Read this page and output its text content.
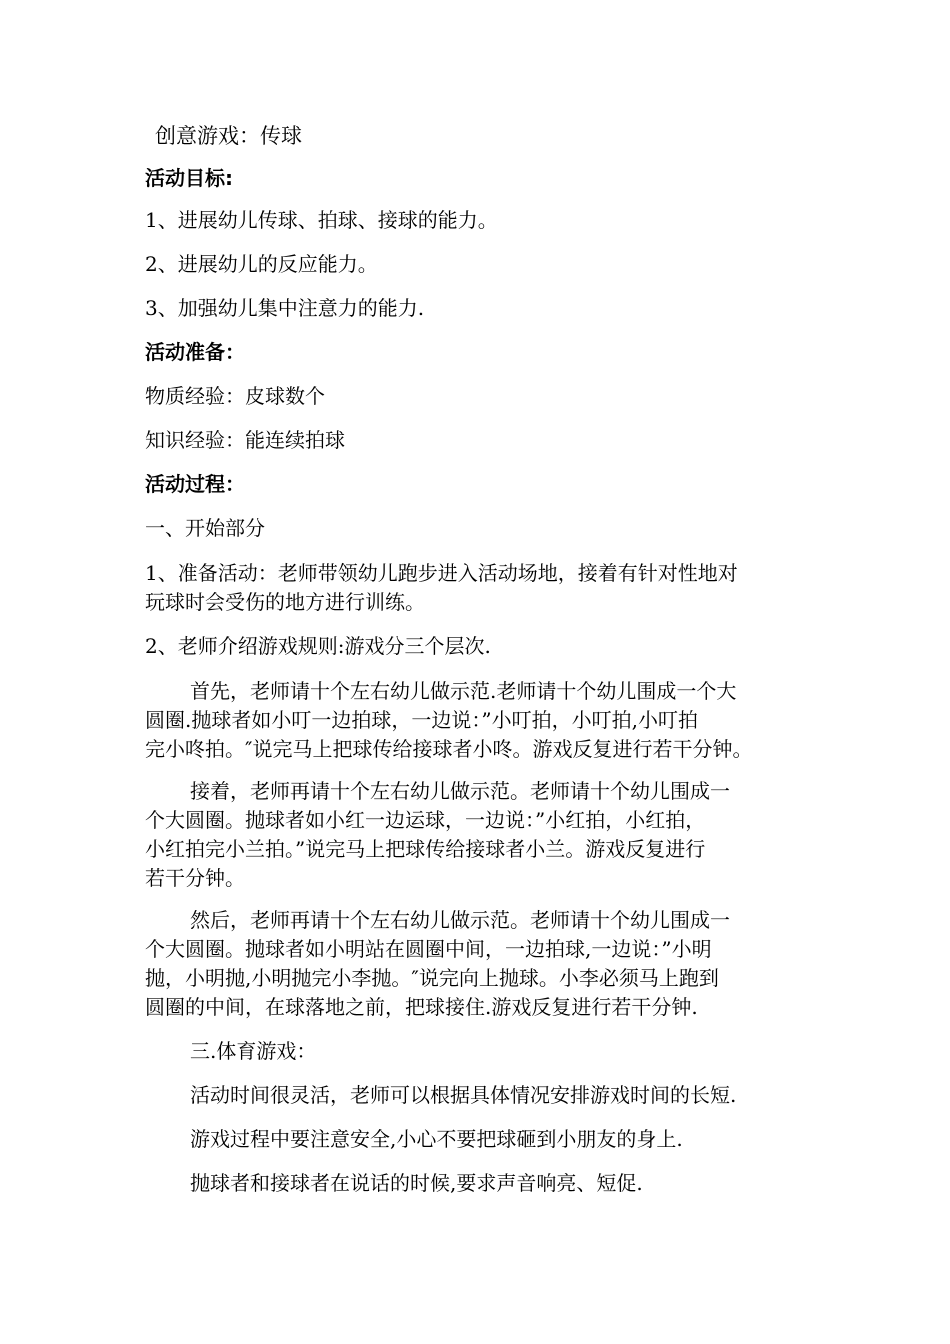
创意游戏：传球
活动目标:
1、进展幼儿传球、拍球、接球的能力。
2、进展幼儿的反应能力。
3、加强幼儿集中注意力的能力.
活动准备：
物质经验：皮球数个
知识经验：能连续拍球
活动过程：
一、开始部分
1、准备活动：老师带领幼儿跑步进入活动场地，接着有针对性地对
玩球时会受伤的地方进行训练。
2、老师介绍游戏规则:游戏分三个层次.
首先，老师请十个左右幼儿做示范.老师请十个幼儿围成一个大
圆圈.抛球者如小叮一边拍球，一边说：”小叮拍，小叮拍,小叮拍
完小咚拍。″说完马上把球传给接球者小咚。游戏反复进行若干分钟。
接着，老师再请十个左右幼儿做示范。老师请十个幼儿围成一
个大圆圈。抛球者如小红一边运球，一边说：”小红拍，小红拍，
小红拍完小兰拍。”说完马上把球传给接球者小兰。游戏反复进行
若干分钟。
然后，老师再请十个左右幼儿做示范。老师请十个幼儿围成一
个大圆圈。抛球者如小明站在圆圈中间，一边拍球,一边说：”小明
抛，小明抛,小明抛完小李抛。″说完向上抛球。小李必须马上跑到
圆圈的中间，在球落地之前，把球接住.游戏反复进行若干分钟.
三.体育游戏：
活动时间很灵活，老师可以根据具体情况安排游戏时间的长短.
游戏过程中要注意安全,小心不要把球砸到小朋友的身上.
抛球者和接球者在说话的时候,要求声音响亮、短促.
